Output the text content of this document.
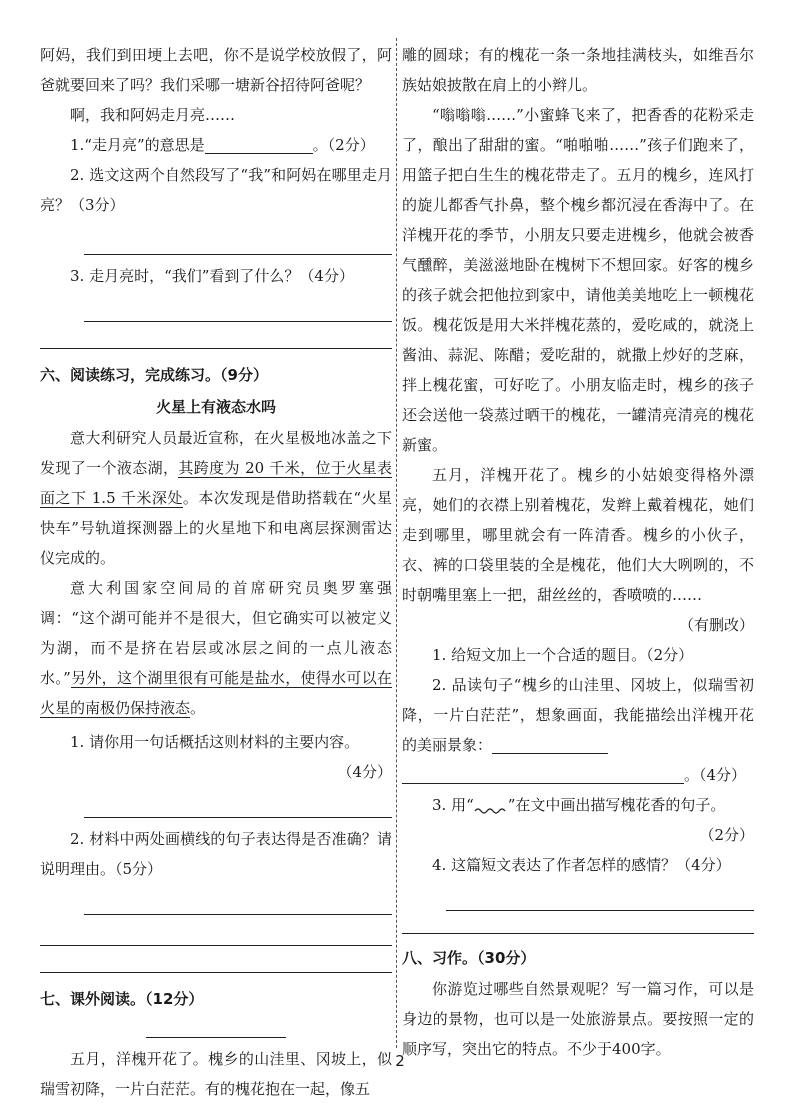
阿妈，我们到田埂上去吧，你不是说学校放假了，阿爸就要回来了吗？我们采哪一塘新谷招待阿爸呢？

啊，我和阿妈走月亮……

1.“走月亮”的意思是	。（2分）

2. 选文这两个自然段写了“我”和阿妈在哪里走月亮？（3分）

3. 走月亮时，“我们”看到了什么？（4分）

六、阅读练习，完成练习。（9分）
火星上有液态水吗

意大利研究人员最近宣称，在火星极地冰盖之下发现了一个液态湖，其跨度为 20 千米，位于火星表面之下 1.5 千米深处。本次发现是借助搭载在“火星快车”号轨道探测器上的火星地下和电离层探测雷达仪完成的。

意大利国家空间局的首席研究员奥罗塞强调：“这个湖可能并不是很大，但它确实可以被定义为湖，而不是挤在岩层或冰层之间的一点儿液态水。”另外，这个湖里很有可能是盐水，使得水可以在火星的南极仍保持液态。

1. 请你用一句话概括这则材料的主要内容。

（4分）

2. 材料中两处画横线的句子表达得是否准确？请说明理由。（5分）

七、课外阅读。（12分）

五月，洋槐开花了。槐乡的山洼里、冈坡上，似瑞雪初降，一片白茫茫。有的槐花抱在一起，像五

雕的圆球；有的槐花一条一条地挂满枝头，如维吾尔族姑娘披散在肩上的小辫儿。

“嗡嗡嗡……”小蜜蜂飞来了，把香香的花粉采走了，酿出了甜甜的蜜。“啪啪啪……”孩子们跑来了，用篮子把白生生的槐花带走了。五月的槐乡，连风打的旋儿都香气扑鼻，整个槐乡都沉浸在香海中了。在洋槐开花的季节，小朋友只要走进槐乡，他就会被香气醺醉，美滋滋地卧在槐树下不想回家。好客的槐乡的孩子就会把他拉到家中，请他美美地吃上一顿槐花饭。槐花饭是用大米拌槐花蒸的，爱吃咸的，就浇上酱油、蒜泥、陈醋；爱吃甜的，就撒上炒好的芝麻，拌上槐花蜜，可好吃了。小朋友临走时，槐乡的孩子还会送他一袋蒸过晒干的槐花，一罐清亮清亮的槐花新蜜。

五月，洋槐开花了。槐乡的小姑娘变得格外漂亮，她们的衣襟上别着槐花，发辫上戴着槐花，她们走到哪里，哪里就会有一阵清香。槐乡的小伙子，衣、裤的口袋里装的全是槐花，他们大大咧咧的，不时朝嘴里塞上一把，甜丝丝的，香喷喷的……

（有删改）

1. 给短文加上一个合适的题目。（2分）

2. 品读句子“槐乡的山洼里、冈坡上，似瑞雪初降，一片白茫茫”，想象画面，我能描绘出洋槐开花的美丽景象：

。（4分）

3. 用“ ”在文中画出描写槐花香的句子。

（2分）

4. 这篇短文表达了作者怎样的感情？（4分）

八、习作。（30分）

你游览过哪些自然景观呢？写一篇习作，可以是身边的景物，也可以是一处旅游景点。要按照一定的顺序写，突出它的特点。不少于400字。

2
